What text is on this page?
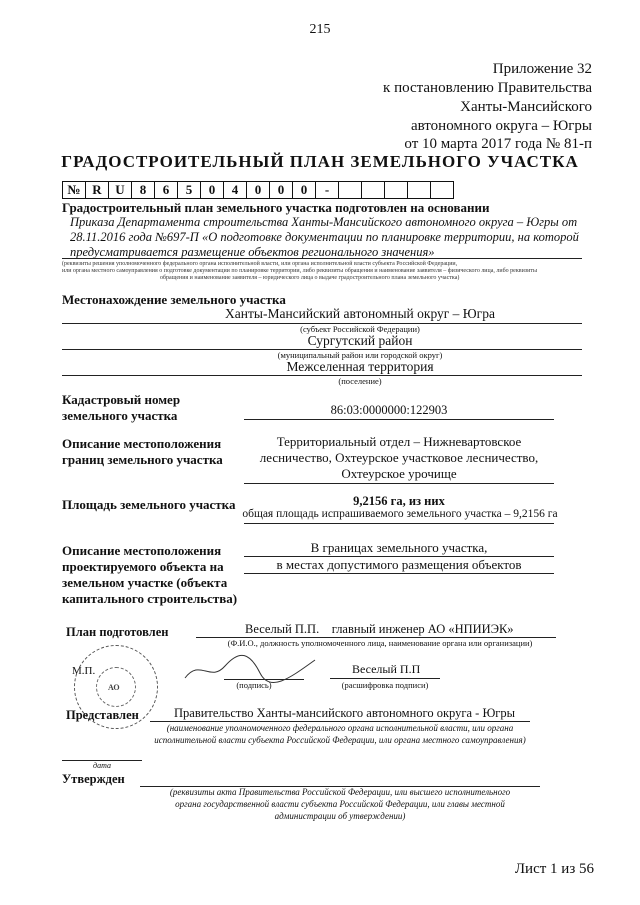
215
Приложение 32
к постановлению Правительства
Ханты-Мансийского
автономного округа – Югры
от 10 марта 2017 года № 81-п
ГРАДОСТРОИТЕЛЬНЫЙ ПЛАН ЗЕМЕЛЬНОГО УЧАСТКА
№	R	U	8	6	5	0	4	0	0	0	-					
Градостроительный план земельного участка подготовлен на основании
Приказа Департамента строительства Ханты-Мансийского автономного округа – Югры от
28.11.2016 года №697-П «О подготовке документации по планировке территории, на которой
предусматривается размещение объектов регионального значения»
(реквизиты решения уполномоченного федерального органа исполнительной власти, или органа исполнительной власти субъекта Российской Федерации,
или органа местного самоуправления о подготовке документации по планировке территории, либо реквизиты обращения и наименование заявителя – физического лица, либо реквизиты
обращения и наименование заявителя – юридического лица о выдаче градостроительного плана земельного участка)
Местонахождение земельного участка
Ханты-Мансийский автономный округ – Югра
(субъект Российской Федерации)
Сургутский район
(муниципальный район или городской округ)
Межселенная территория
(поселение)
Кадастровый номер
земельного участка	86:03:0000000:122903
Описание местоположения
границ земельного участка
Территориальный отдел – Нижневартовское
лесничество, Охтеурское участковое лесничество,
Охтеурское урочище
Площадь земельного участка	9,2156 га, из них
общая площадь испрашиваемого земельного участка – 9,2156 га
Описание местоположения
проектируемого объекта на
земельном участке (объекта
капитального строительства)
В границах земельного участка,
в местах допустимого размещения объектов
План подготовлен	Веселый П.П.    главный инженер АО «НПИИЭК»
(Ф.И.О., должность уполномоченного лица, наименование органа или организации)
М.П.	Веселый П.П
(подпись)	(расшифровка подписи)
АО
Представлен	Правительство Ханты-мансийского автономного округа - Югры
(наименование уполномоченного федерального органа исполнительной власти, или органа
исполнительной власти субъекта Российской Федерации, или органа местного самоуправления)
дата
Утвержден
(реквизиты акта Правительства Российской Федерации, или высшего исполнительного
органа государственной власти субъекта Российской Федерации, или главы местной
администрации об утверждении)
Лист 1 из 56
